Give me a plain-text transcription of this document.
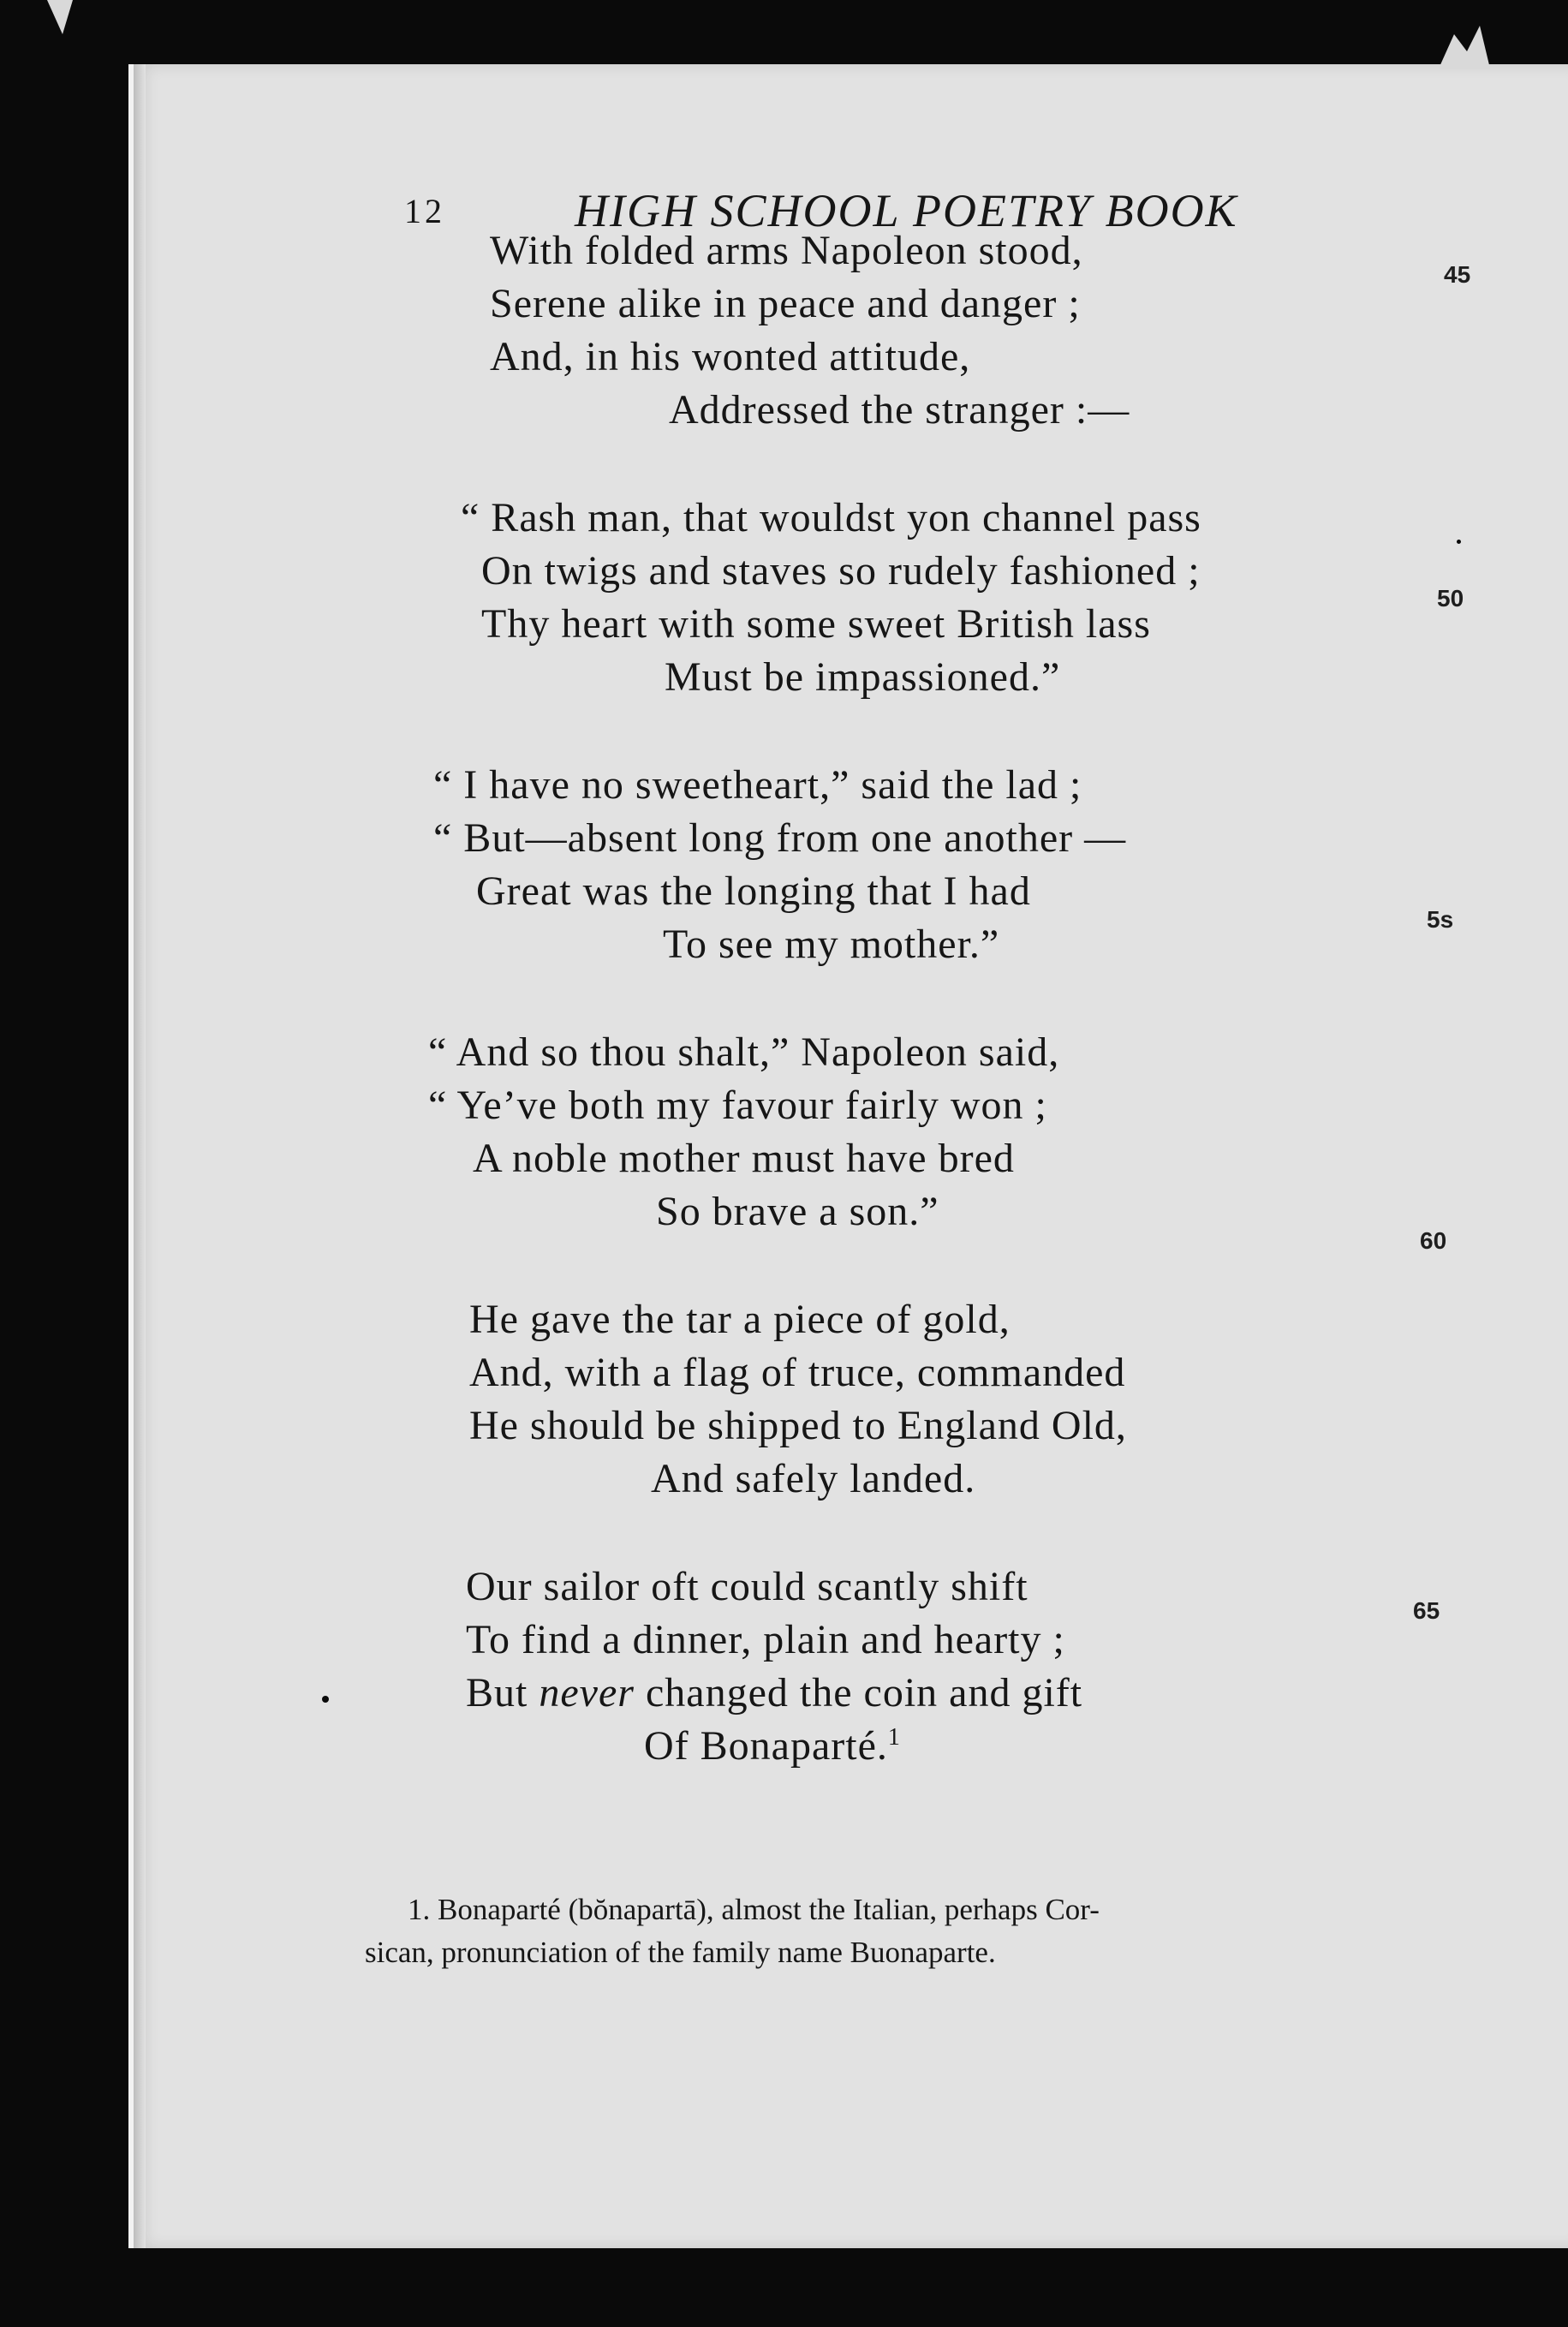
12	HIGH SCHOOL POETRY BOOK
With folded arms Napoleon stood,
Serene alike in peace and danger ;
And, in his wonted attitude,
Addressed the stranger :—
“ Rash man, that wouldst yon channel pass
On twigs and staves so rudely fashioned ;
Thy heart with some sweet British lass
Must be impassioned.”
“ I have no sweetheart,” said the lad ;
“ But—absent long from one another —
Great was the longing that I had
To see my mother.”
“ And so thou shalt,” Napoleon said,
“ Ye’ve both my favour fairly won ;
A noble mother must have bred
So brave a son.”
He gave the tar a piece of gold,
And, with a flag of truce, commanded
He should be shipped to England Old,
And safely landed.
Our sailor oft could scantly shift
To find a dinner, plain and hearty ;
But never changed the coin and gift
Of Bonaparté.$^1$
45
50
5s
60
65
1. Bonaparté (bŏnapartā), almost the Italian, perhaps Cor-
sican, pronunciation of the family name Buonaparte.
